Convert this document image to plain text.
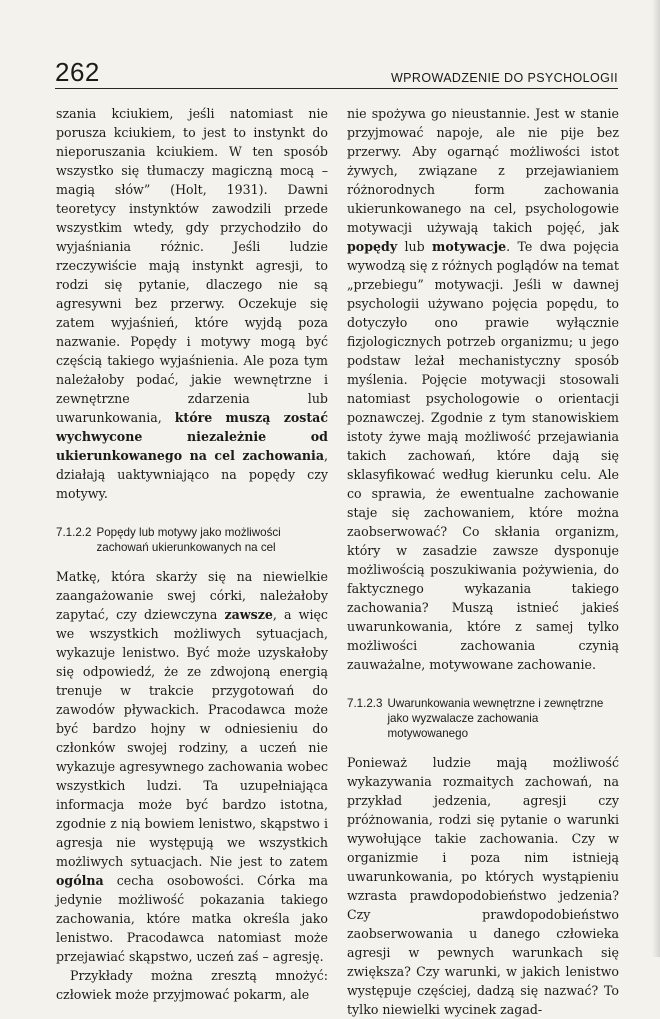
262	WPROWADZENIE DO PSYCHOLOGII

szania kciukiem, jeśli natomiast nie porusza kciukiem, to jest to instynkt do nieporuszania kciukiem. W ten sposób wszystko się tłumaczy magiczną mocą – magią słów” (Holt, 1931). Dawni teoretycy instynktów zawodzili przede wszystkim wtedy, gdy przychodziło do wyjaśniania różnic. Jeśli ludzie rzeczywiście mają instynkt agresji, to rodzi się pytanie, dlaczego nie są agresywni bez przerwy. Oczekuje się zatem wyjaśnień, które wyjdą poza nazwanie. Popędy i motywy mogą być częścią takiego wyjaśnienia. Ale poza tym należałoby podać, jakie wewnętrzne i zewnętrzne zdarzenia lub uwarunkowania, które muszą zostać wychwycone niezależnie od ukierunkowanego na cel zachowania, działają uaktywniająco na popędy czy motywy.

7.1.2.2 Popędy lub motywy jako możliwości zachowań ukierunkowanych na cel

Matkę, która skarży się na niewielkie zaangażowanie swej córki, należałoby zapytać, czy dziewczyna zawsze, a więc we wszystkich możliwych sytuacjach, wykazuje lenistwo. Być może uzyskałoby się odpowiedź, że ze zdwojoną energią trenuje w trakcie przygotowań do zawodów pływackich. Pracodawca może być bardzo hojny w odniesieniu do członków swojej rodziny, a uczeń nie wykazuje agresywnego zachowania wobec wszystkich ludzi. Ta uzupełniająca informacja może być bardzo istotna, zgodnie z nią bowiem lenistwo, skąpstwo i agresja nie występują we wszystkich możliwych sytuacjach. Nie jest to zatem ogólna cecha osobowości. Córka ma jedynie możliwość pokazania takiego zachowania, które matka określa jako lenistwo. Pracodawca natomiast może przejawiać skąpstwo, uczeń zaś – agresję.

Przykłady można zresztą mnożyć: człowiek może przyjmować pokarm, ale

nie spożywa go nieustannie. Jest w stanie przyjmować napoje, ale nie pije bez przerwy. Aby ogarnąć możliwości istot żywych, związane z przejawianiem różnorodnych form zachowania ukierunkowanego na cel, psychologowie motywacji używają takich pojęć, jak popędy lub motywacje. Te dwa pojęcia wywodzą się z różnych poglądów na temat „przebiegu” motywacji. Jeśli w dawnej psychologii używano pojęcia popędu, to dotyczyło ono prawie wyłącznie fizjologicznych potrzeb organizmu; u jego podstaw leżał mechanistyczny sposób myślenia. Pojęcie motywacji stosowali natomiast psychologowie o orientacji poznawczej. Zgodnie z tym stanowiskiem istoty żywe mają możliwość przejawiania takich zachowań, które dają się sklasyfikować według kierunku celu. Ale co sprawia, że ewentualne zachowanie staje się zachowaniem, które można zaobserwować? Co skłania organizm, który w zasadzie zawsze dysponuje możliwością poszukiwania pożywienia, do faktycznego wykazania takiego zachowania? Muszą istnieć jakieś uwarunkowania, które z samej tylko możliwości zachowania czynią zauważalne, motywowane zachowanie.

7.1.2.3 Uwarunkowania wewnętrzne i zewnętrzne jako wyzwalacze zachowania motywowanego

Ponieważ ludzie mają możliwość wykazywania rozmaitych zachowań, na przykład jedzenia, agresji czy próżnowania, rodzi się pytanie o warunki wywołujące takie zachowania. Czy w organizmie i poza nim istnieją uwarunkowania, po których wystąpieniu wzrasta prawdopodobieństwo jedzenia? Czy prawdopodobieństwo zaobserwowania u danego człowieka agresji w pewnych warunkach się zwiększa? Czy warunki, w jakich lenistwo występuje częściej, dadzą się nazwać? To tylko niewielki wycinek zagad-
